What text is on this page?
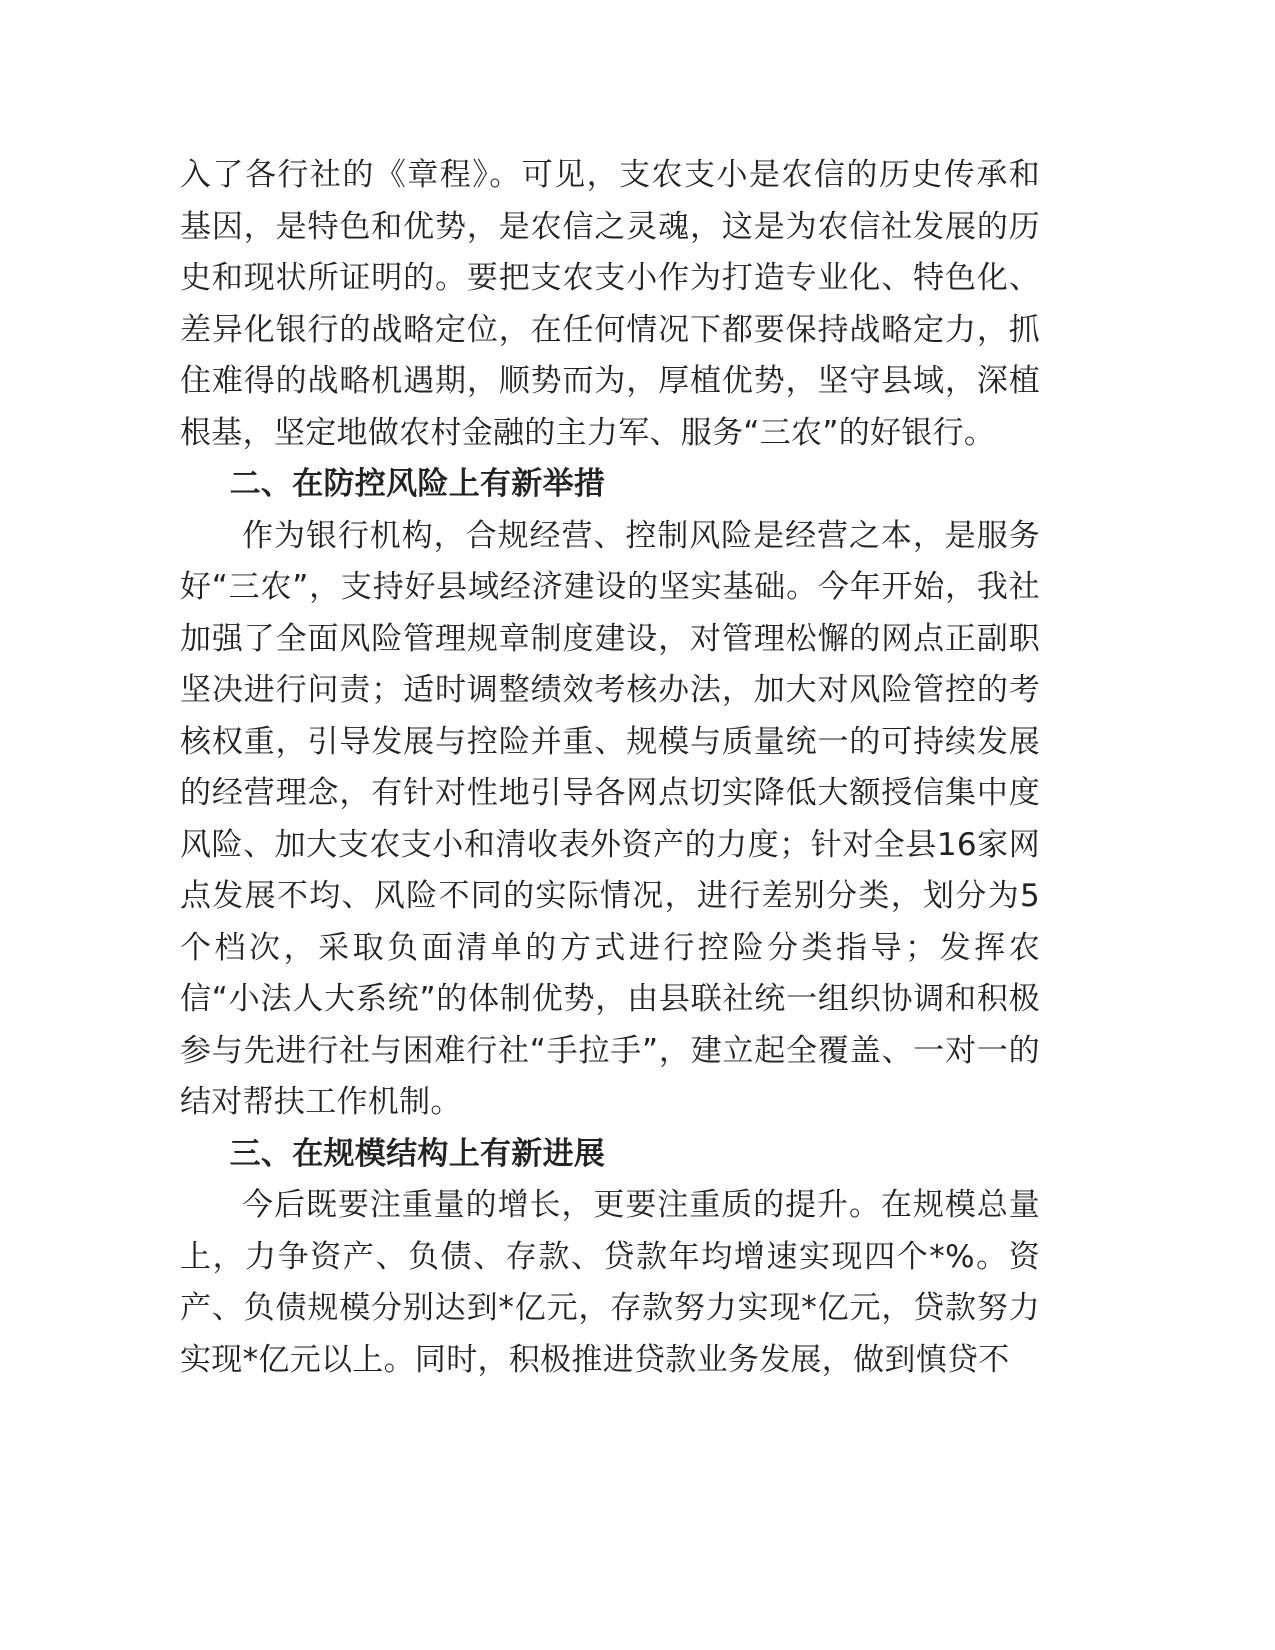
入了各行社的《章程》。可见，支农支小是农信的历史传承和基因，是特色和优势，是农信之灵魂，这是为农信社发展的历史和现状所证明的。要把支农支小作为打造专业化、特色化、差异化银行的战略定位，在任何情况下都要保持战略定力，抓住难得的战略机遇期，顺势而为，厚植优势，坚守县域，深植根基，坚定地做农村金融的主力军、服务“三农”的好银行。

二、在防控风险上有新举措

作为银行机构，合规经营、控制风险是经营之本，是服务好“三农”，支持好县域经济建设的坚实基础。今年开始，我社加强了全面风险管理规章制度建设，对管理松懈的网点正副职坚决进行问责；适时调整绩效考核办法，加大对风险管控的考核权重，引导发展与控险并重、规模与质量统一的可持续发展的经营理念，有针对性地引导各网点切实降低大额授信集中度风险、加大支农支小和清收表外资产的力度；针对全县16家网点发展不均、风险不同的实际情况，进行差别分类，划分为5个档次，采取负面清单的方式进行控险分类指导；发挥农信“小法人大系统”的体制优势，由县联社统一组织协调和积极参与先进行社与困难行社“手拉手”，建立起全覆盖、一对一的结对帮扶工作机制。

三、在规模结构上有新进展

今后既要注重量的增长，更要注重质的提升。在规模总量上，力争资产、负债、存款、贷款年均增速实现四个*%。资产、负债规模分别达到*亿元，存款努力实现*亿元，贷款努力实现*亿元以上。同时，积极推进贷款业务发展，做到慎贷不
